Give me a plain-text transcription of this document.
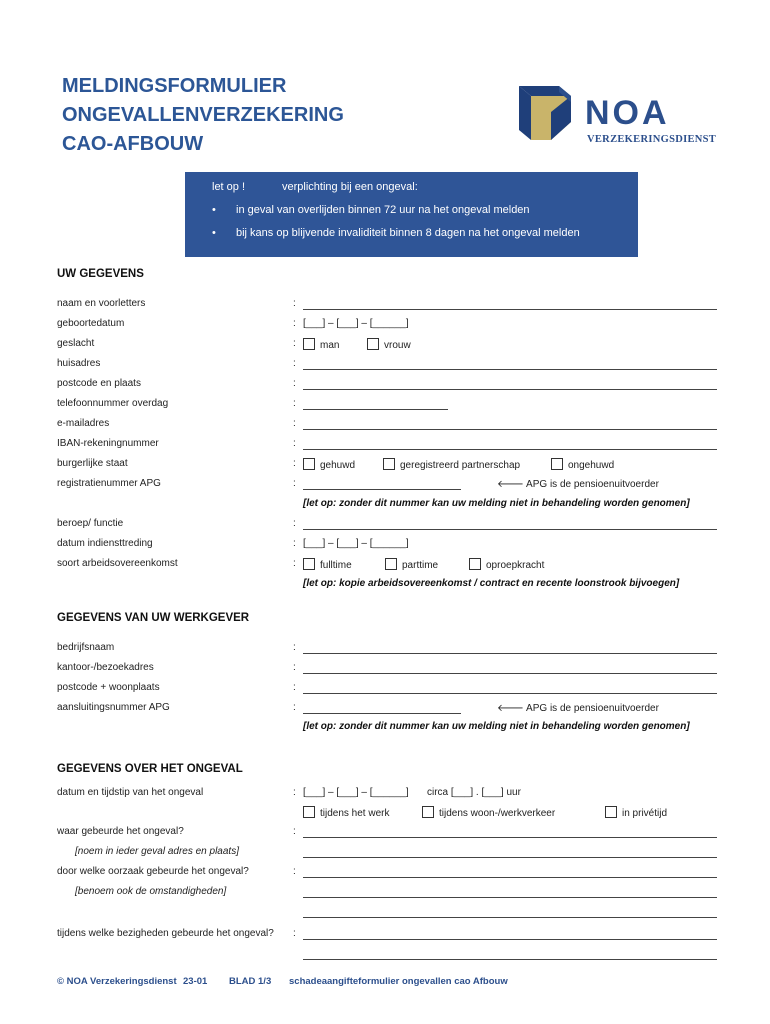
MELDINGSFORMULIER
ONGEVALLENVERZEKERING
CAO-AFBOUW
NOA
VERZEKERINGSDIENST
let op !	verplichting bij een ongeval:
• in geval van overlijden binnen 72 uur na het ongeval melden
• bij kans op blijvende invaliditeit binnen 8 dagen na het ongeval melden
UW GEGEVENS
naam en voorletters	:
geboortedatum	: [___] – [___] – [______]
geslacht	:	man	vrouw
huisadres	:
postcode en plaats	:
telefoonnummer overdag	:
e-mailadres	:
IBAN-rekeningnummer	:
burgerlijke staat	:	gehuwd	geregistreerd partnerschap	ongehuwd
registratienummer APG	:	🡐 APG is de pensioenuitvoerder
[let op: zonder dit nummer kan uw melding niet in behandeling worden genomen]
beroep/ functie	:
datum indiensttreding	: [___] – [___] – [______]
soort arbeidsovereenkomst	:	fulltime	parttime	oproepkracht
[let op: kopie arbeidsovereenkomst / contract en recente loonstrook bijvoegen]
GEGEVENS VAN UW WERKGEVER
bedrijfsnaam	:
kantoor-/bezoekadres	:
postcode + woonplaats	:
aansluitingsnummer APG	:	🡐 APG is de pensioenuitvoerder
[let op: zonder dit nummer kan uw melding niet in behandeling worden genomen]
GEGEVENS OVER HET ONGEVAL
datum en tijdstip van het ongeval	: [___] – [___] – [______] circa [___] . [___] uur
tijdens het werk	tijdens woon-/werkverkeer	in privétijd
waar gebeurde het ongeval?	:
[noem in ieder geval adres en plaats]
door welke oorzaak gebeurde het ongeval?	:
[benoem ook de omstandigheden]
tijdens welke bezigheden gebeurde het ongeval? :
© NOA Verzekeringsdienst 23-01 BLAD 1/3 schadeaangifteformulier ongevallen cao Afbouw
